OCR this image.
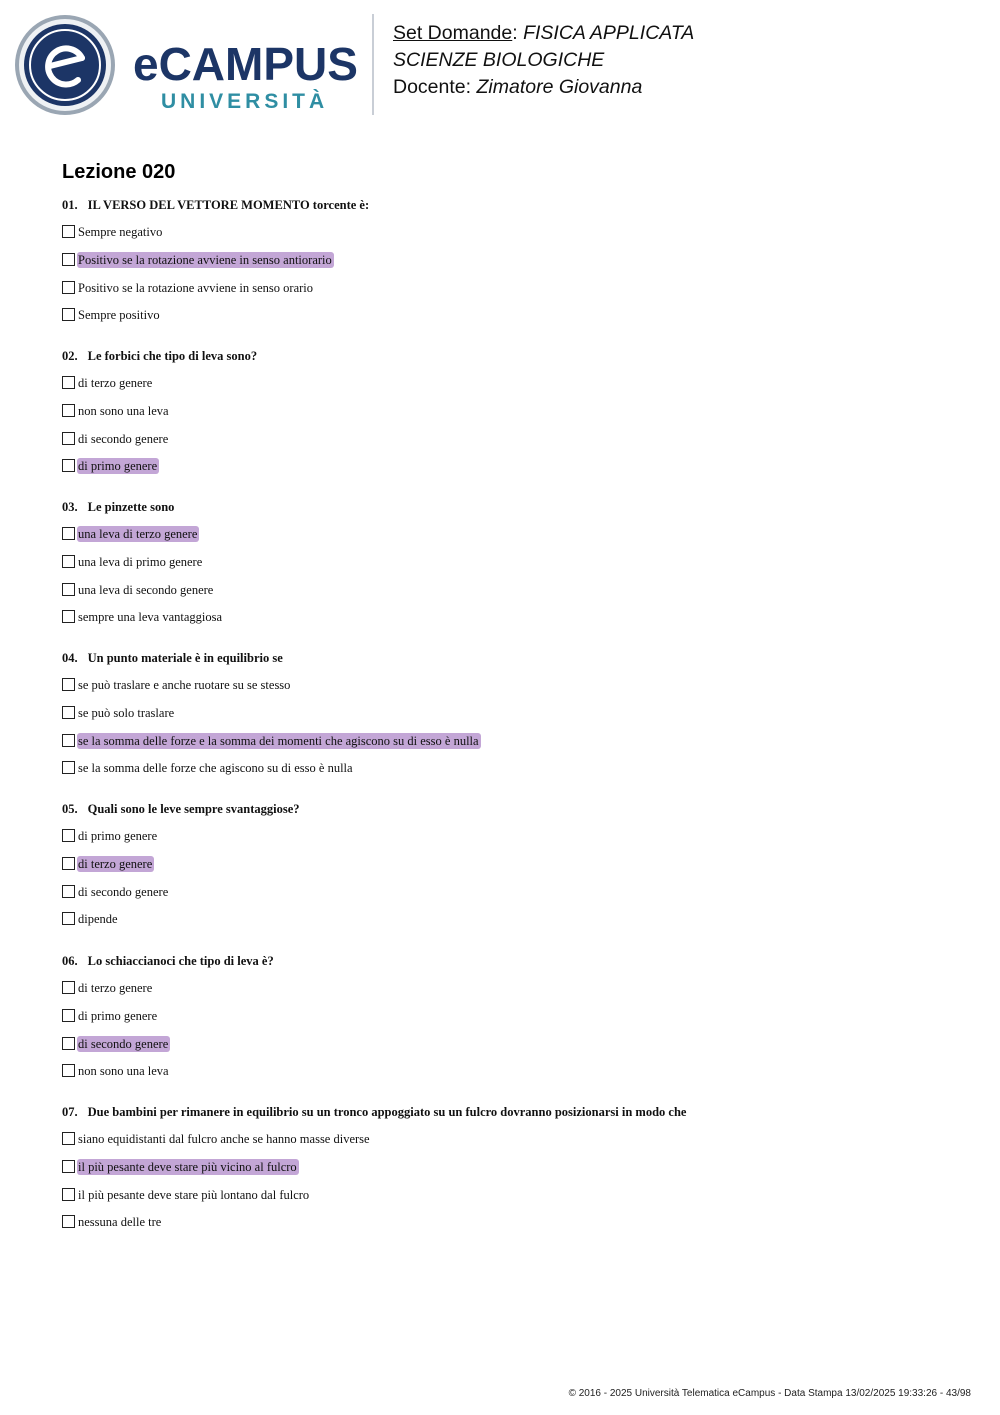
eCAMPUS
UNIVERSITÀ
Set Domande: FISICA APPLICATA
SCIENZE BIOLOGICHE
Docente: Zimatore Giovanna
Lezione 020
01. IL VERSO DEL VETTORE MOMENTO torcente è:
Sempre negativo
Positivo se la rotazione avviene in senso antiorario
Positivo se la rotazione avviene in senso orario
Sempre positivo
02. Le forbici che tipo di leva sono?
di terzo genere
non sono una leva
di secondo genere
di primo genere
03. Le pinzette sono
una leva di terzo genere
una leva di primo genere
una leva di secondo genere
sempre una leva vantaggiosa
04. Un punto materiale è in equilibrio se
se può traslare e anche ruotare su se stesso
se può solo traslare
se la somma delle forze e la somma dei momenti che agiscono su di esso è nulla
se la somma delle forze che agiscono su di esso è nulla
05. Quali sono le leve sempre svantaggiose?
di primo genere
di terzo genere
di secondo genere
dipende
06. Lo schiaccianoci che tipo di leva è?
di terzo genere
di primo genere
di secondo genere
non sono una leva
07. Due bambini per rimanere in equilibrio su un tronco appoggiato su un fulcro dovranno posizionarsi in modo che
siano equidistanti dal fulcro anche se hanno masse diverse
il più pesante deve stare più vicino al fulcro
il più pesante deve stare più lontano dal fulcro
nessuna delle tre
© 2016 - 2025 Università Telematica eCampus - Data Stampa 13/02/2025 19:33:26 - 43/98
